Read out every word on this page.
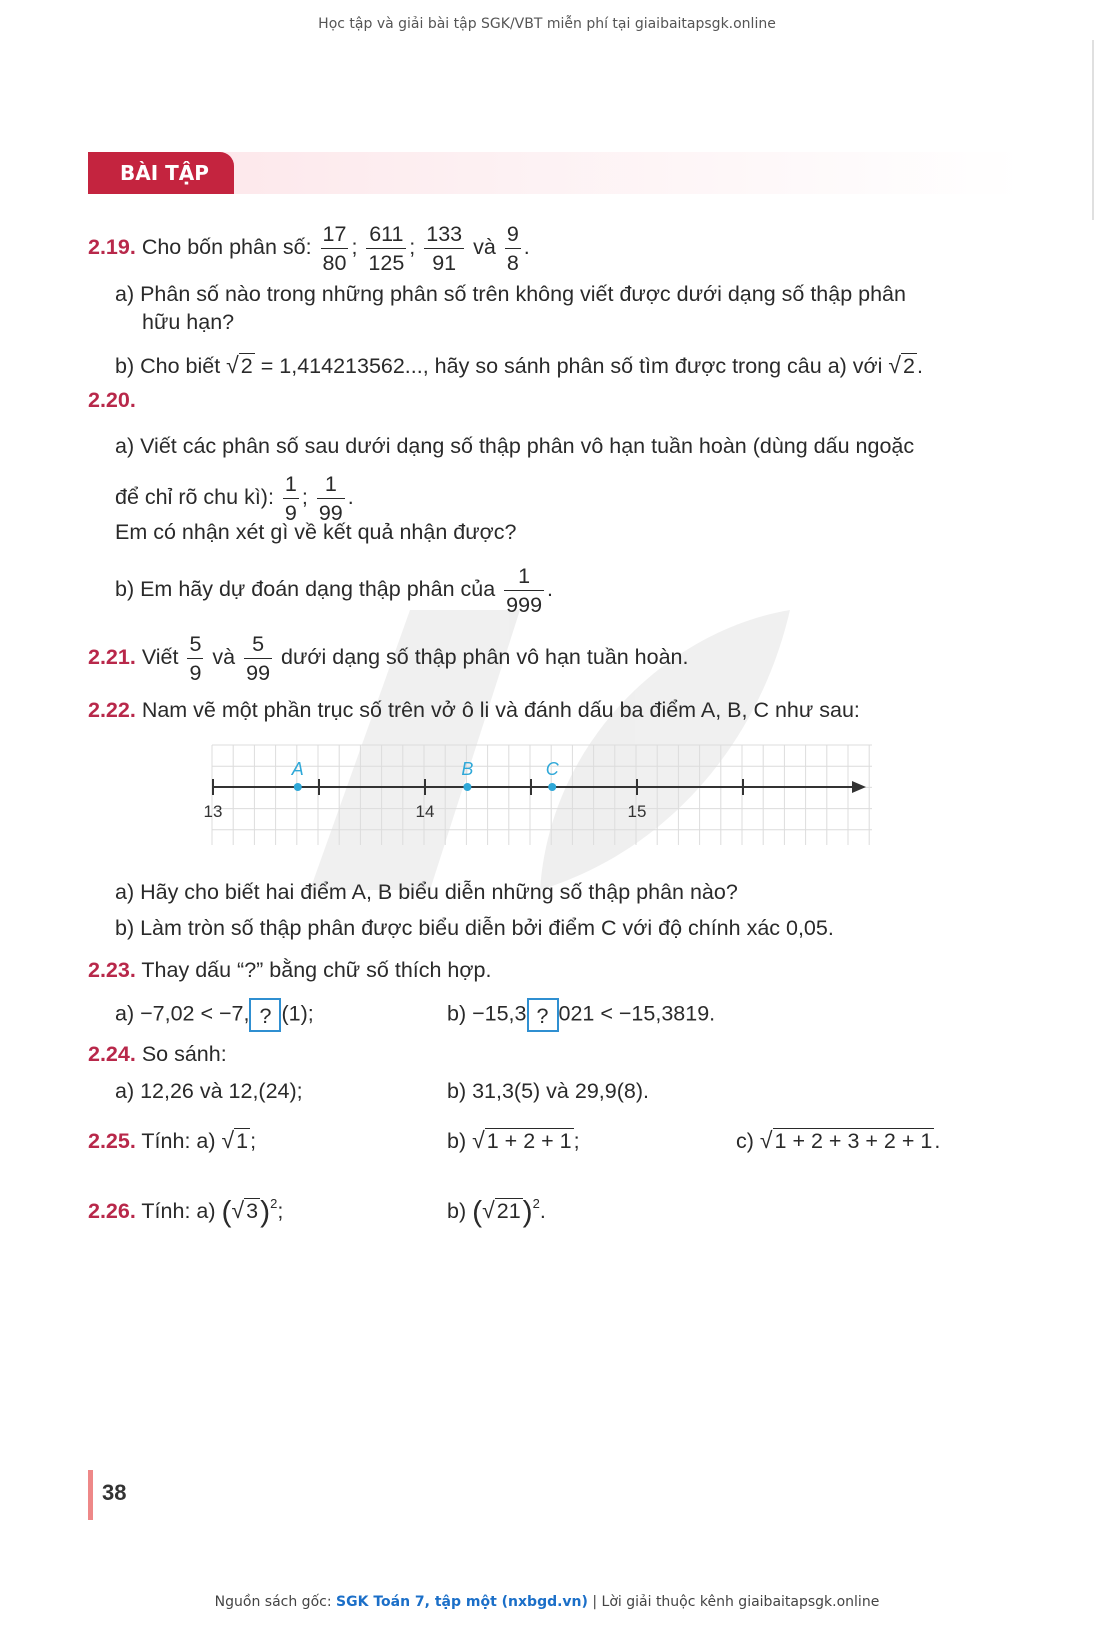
Học tập và giải bài tập SGK/VBT miễn phí tại giaibaitapsgk.online
BÀI TẬP
2.19. Cho bốn phân số: $\frac{17}{80}$ ; $\frac{611}{125}$ ; $\frac{133}{91}$ và $\frac{9}{8}$ .
a) Phân số nào trong những phân số trên không viết được dưới dạng số thập phân
hữu hạn?
b) Cho biết √2 = 1,414213562..., hãy so sánh phân số tìm được trong câu a) với √2.
2.20.
a) Viết các phân số sau dưới dạng số thập phân vô hạn tuần hoàn (dùng dấu ngoặc
để chỉ rõ chu kì): $\frac{1}{9}$ ; $\frac{1}{99}$ .
Em có nhận xét gì về kết quả nhận được?
b) Em hãy dự đoán dạng thập phân của $\frac{1}{999}$ .
2.21. Viết $\frac{5}{9}$ và $\frac{5}{99}$ dưới dạng số thập phân vô hạn tuần hoàn.
2.22. Nam vẽ một phần trục số trên vở ô li và đánh dấu ba điểm A, B, C như sau:
13	14	15
A	B	C
a) Hãy cho biết hai điểm A, B biểu diễn những số thập phân nào?
b) Làm tròn số thập phân được biểu diễn bởi điểm C với độ chính xác 0,05.
2.23. Thay dấu “?” bằng chữ số thích hợp.
a) −7,02 < −7, ? (1);	b) −15,3 ? 021 < −15,3819.
2.24. So sánh:
a) 12,26 và 12,(24);	b) 31,3(5) và 29,9(8).
2.25. Tính: a) √1;	b) √1 + 2 + 1;	c) √1 + 2 + 3 + 2 + 1.
2.26. Tính: a) $(√3)^2$;	b) $(√21)^2$.
38
Nguồn sách gốc: SGK Toán 7, tập một (nxbgd.vn) | Lời giải thuộc kênh giaibaitapsgk.online
